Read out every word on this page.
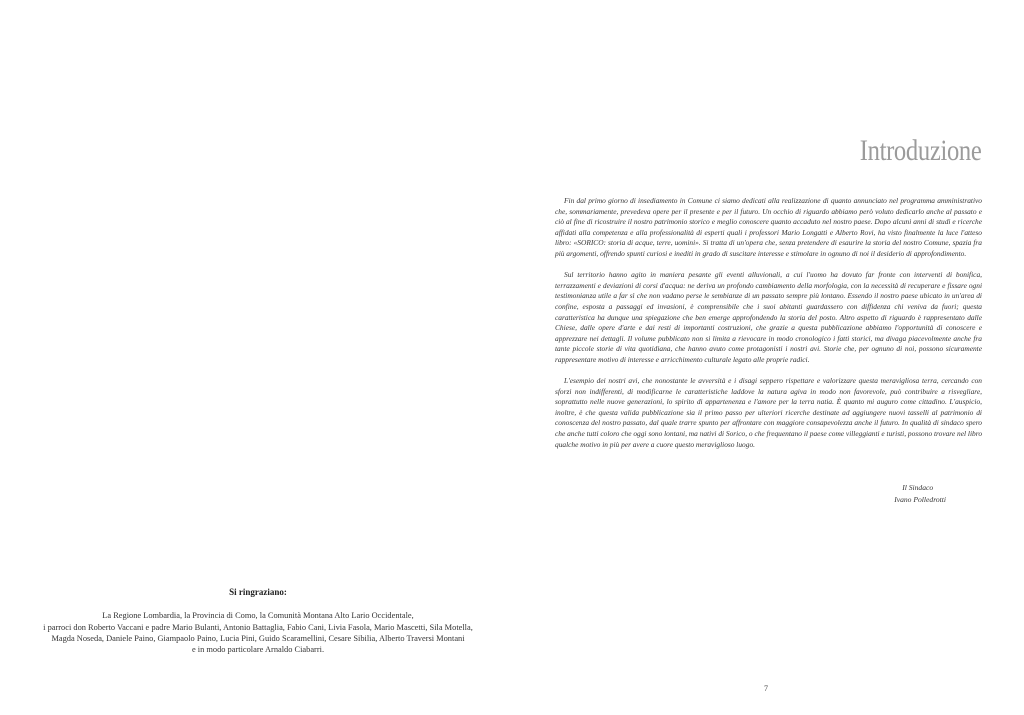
Si ringraziano:

La Regione Lombardia, la Provincia di Como, la Comunità Montana Alto Lario Occidentale,

i parroci don Roberto Vaccani e padre Mario Bulanti, Antonio Battaglia, Fabio Cani, Livia Fasola, Mario Mascetti, Sila Motella,

Magda Noseda, Daniele Paino, Giampaolo Paino, Lucia Pini, Guido Scaramellini, Cesare Sibilia, Alberto Traversi Montani

e in modo particolare Arnaldo Ciabarri.

Introduzione

Fin dal primo giorno di insediamento in Comune ci siamo dedicati alla realizzazione di quanto annunciato nel programma amministrativo che, sommariamente, prevedeva opere per il presente e per il futuro. Un occhio di riguardo abbiamo però voluto dedicarlo anche al passato e ciò al fine di ricostruire il nostro patrimonio storico e meglio conoscere quanto accaduto nel nostro paese. Dopo alcuni anni di studi e ricerche affidati alla competenza e alla professionalità di esperti quali i professori Mario Longatti e Alberto Rovi, ha visto finalmente la luce l'atteso libro: «SORICO: storia di acque, terre, uomini». Si tratta di un'opera che, senza pretendere di esaurire la storia del nostro Comune, spazia fra più argomenti, offrendo spunti curiosi e inediti in grado di suscitare interesse e stimolare in ognuno di noi il desiderio di approfondimento.

Sul territorio hanno agito in maniera pesante gli eventi alluvionali, a cui l'uomo ha dovuto far fronte con interventi di bonifica, terrazzamenti e deviazioni di corsi d'acqua: ne deriva un profondo cambiamento della morfologia, con la necessità di recuperare e fissare ogni testimonianza utile a far sì che non vadano perse le sembianze di un passato sempre più lontano. Essendo il nostro paese ubicato in un'area di confine, esposta a passaggi ed invasioni, è comprensibile che i suoi abitanti guardassero con diffidenza chi veniva da fuori; questa caratteristica ha dunque una spiegazione che ben emerge approfondendo la storia del posto. Altro aspetto di riguardo è rappresentato dalle Chiese, dalle opere d'arte e dai resti di importanti costruzioni, che grazie a questa pubblicazione abbiamo l'opportunità di conoscere e apprezzare nei dettagli. Il volume pubblicato non si limita a rievocare in modo cronologico i fatti storici, ma divaga piacevolmente anche fra tante piccole storie di vita quotidiana, che hanno avuto come protagonisti i nostri avi. Storie che, per ognuno di noi, possono sicuramente rappresentare motivo di interesse e arricchimento culturale legato alle proprie radici.

L'esempio dei nostri avi, che nonostante le avversità e i disagi seppero rispettare e valorizzare questa meravigliosa terra, cercando con sforzi non indifferenti, di modificarne le caratteristiche laddove la natura agiva in modo non favorevole, può contribuire a risvegliare, soprattutto nelle nuove generazioni, lo spirito di appartenenza e l'amore per la terra natia. È quanto mi auguro come cittadino. L'auspicio, inoltre, è che questa valida pubblicazione sia il primo passo per ulteriori ricerche destinate ad aggiungere nuovi tasselli al patrimonio di conoscenza del nostro passato, dal quale trarre spunto per affrontare con maggiore consapevolezza anche il futuro. In qualità di sindaco spero che anche tutti coloro che oggi sono lontani, ma nativi di Sorico, o che frequentano il paese come villeggianti e turisti, possono trovare nel libro qualche motivo in più per avere a cuore questo meraviglioso luogo.

Il Sindaco
Ivano Polledrotti
7
